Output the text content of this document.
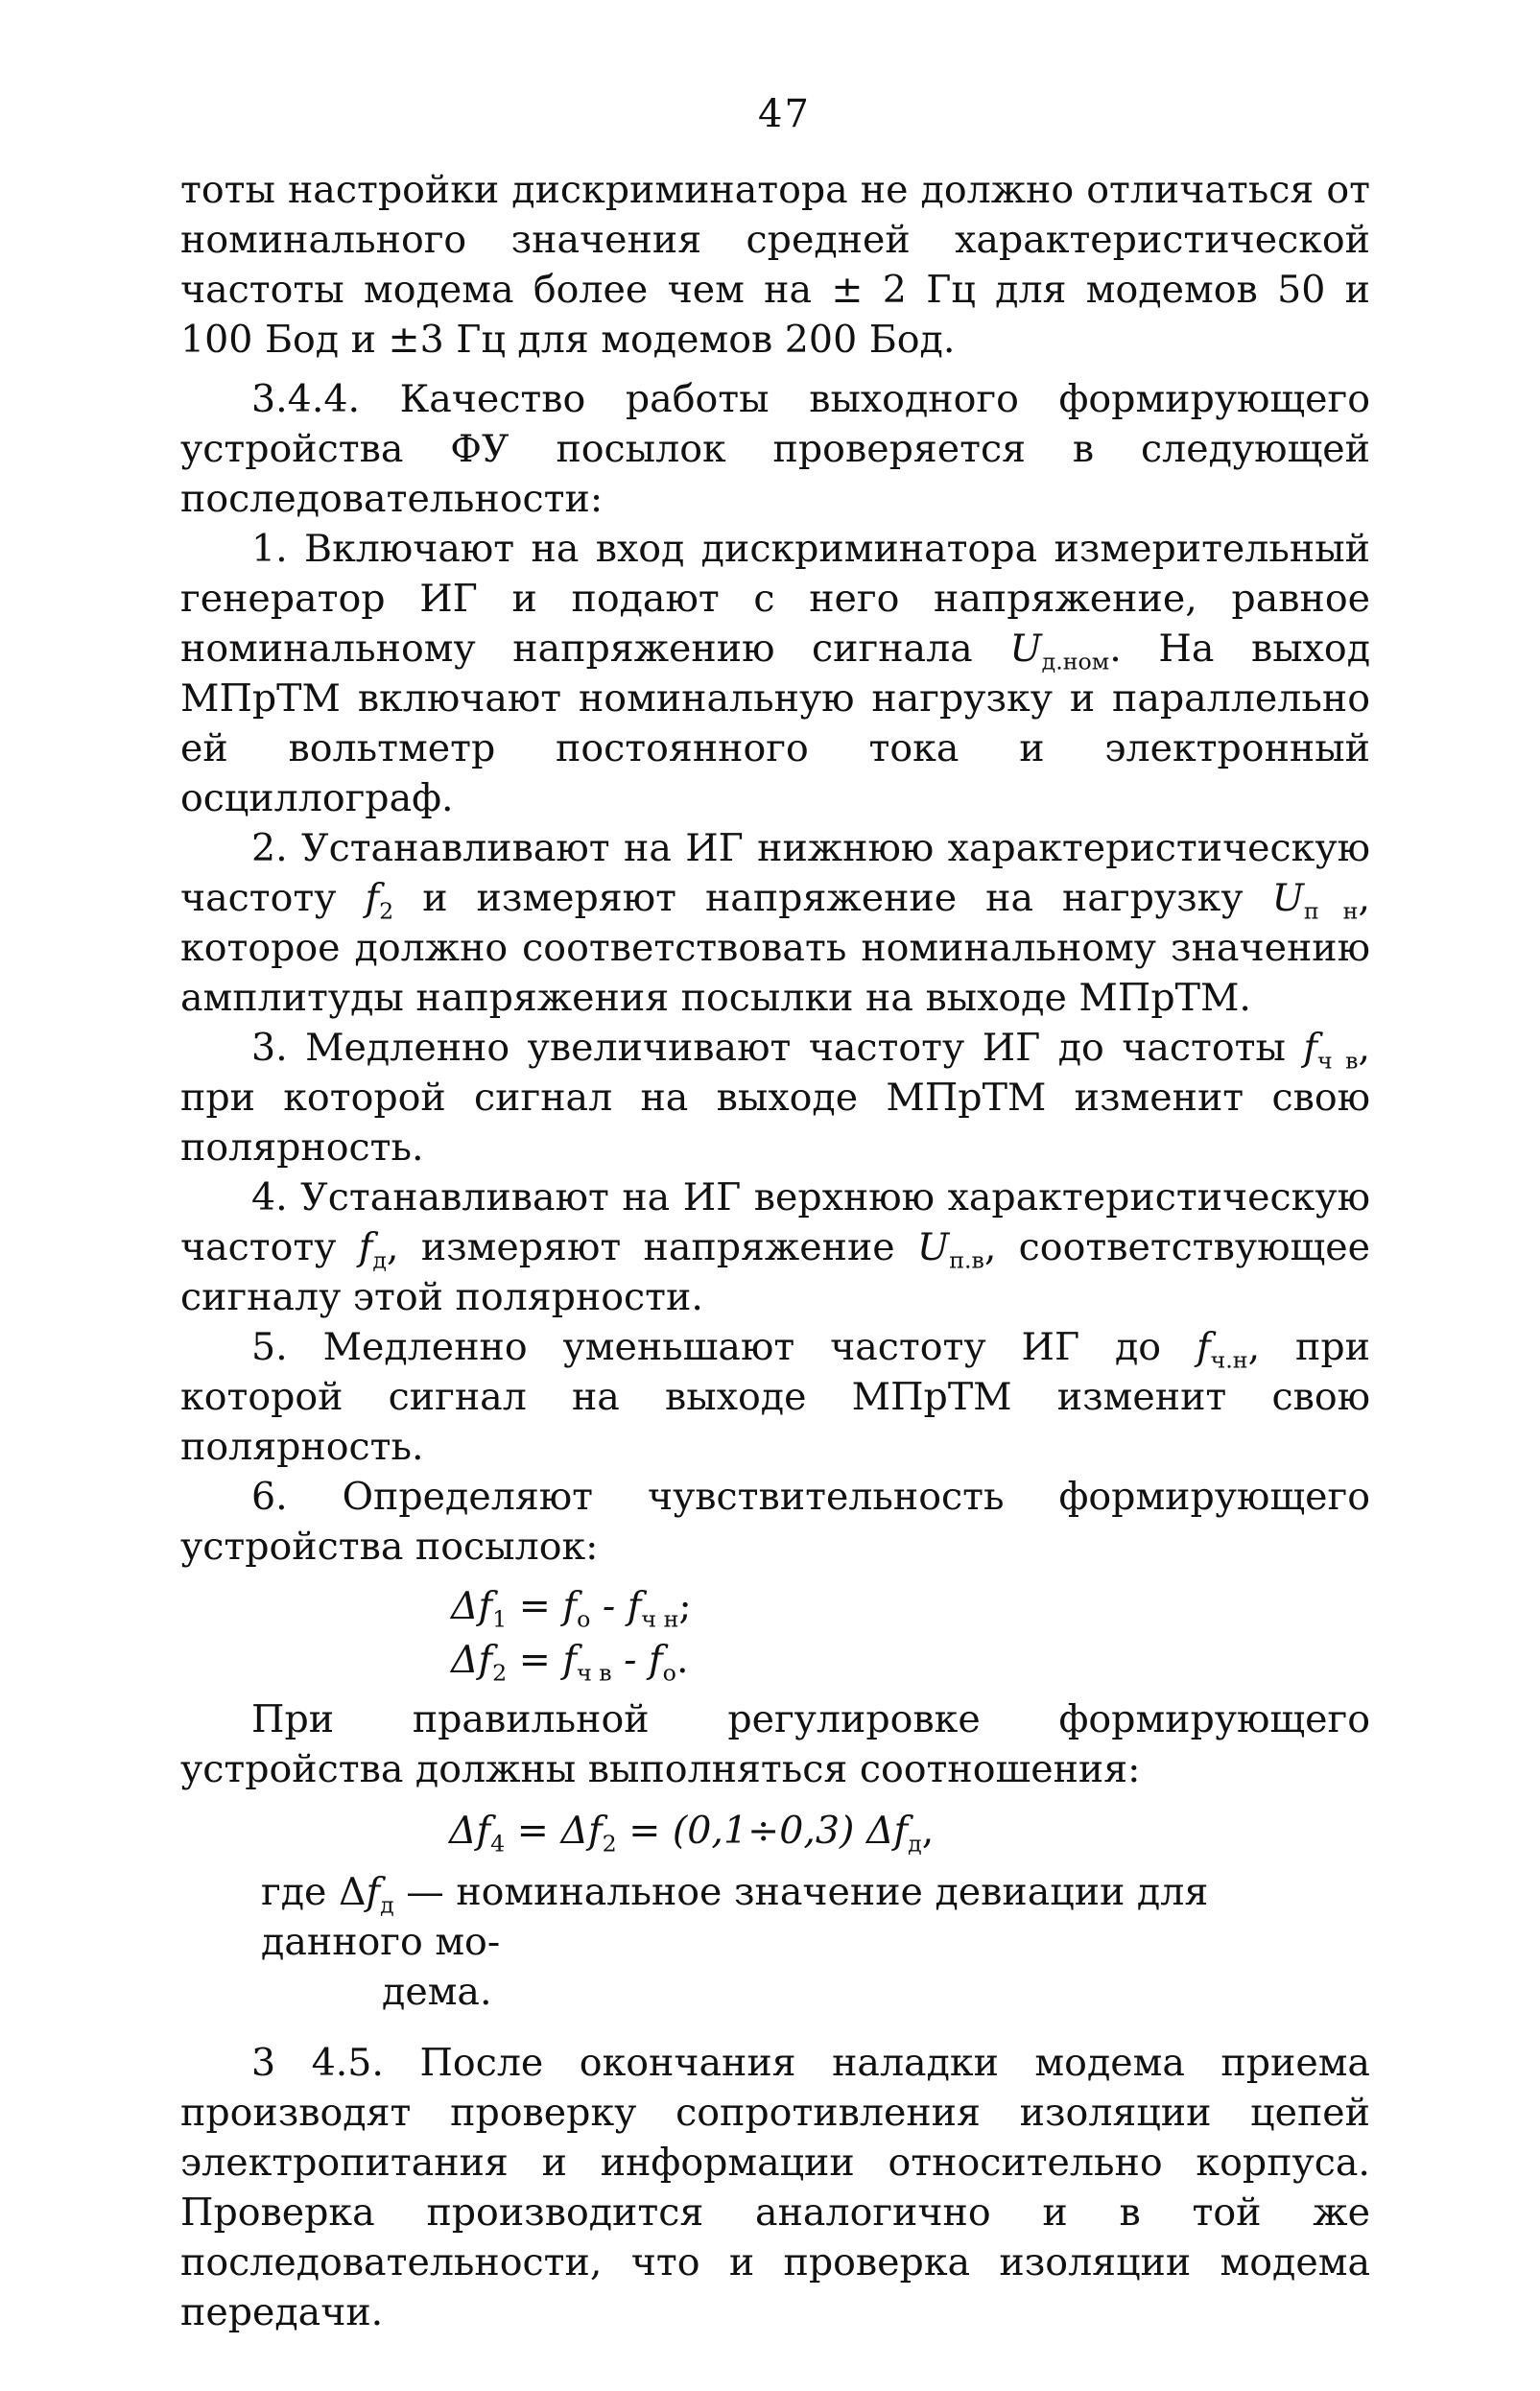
47

тоты настройки дискриминатора не должно отличаться от номинального значения средней характеристической частоты модема более чем на ± 2 Гц для модемов 50 и 100 Бод и ±3 Гц для модемов 200 Бод.

3.4.4. Качество работы выходного формирующего устройства ФУ посылок проверяется в следующей последовательности:

1. Включают на вход дискриминатора измерительный генератор ИГ и подают с него напряжение, равное номинальному напряжению сигнала $U_{д.ном}$. На выход МПрТМ включают номинальную нагрузку и параллельно ей вольтметр постоянного тока и электронный осциллограф.

2. Устанавливают на ИГ нижнюю характеристическую частоту $f_2$ и измеряют напряжение на нагрузку $U_{п н}$, которое должно соответствовать номинальному значению амплитуды напряжения посылки на выходе МПрТМ.

3. Медленно увеличивают частоту ИГ до частоты $f_{ч в}$, при которой сигнал на выходе МПрТМ изменит свою полярность.

4. Устанавливают на ИГ верхнюю характеристическую частоту $f_д$, измеряют напряжение $U_{п.в}$, соответствующее сигналу этой полярности.

5. Медленно уменьшают частоту ИГ до $f_{ч.н}$, при которой сигнал на выходе МПрТМ изменит свою полярность.

6. Определяют чувствительность формирующего устройства посылок:

$\Delta f_1 = f_о - f_{ч н}$;
$\Delta f_2 = f_{ч в} - f_о$.

При правильной регулировке формирующего устройства должны выполняться соотношения:

$\Delta f_4 = \Delta f_2 = (0,1\div 0,3)$ $\Delta f_д$,
где $\Delta f_д$ — номинальное значение девиации для данного мо-
дема.

3 4.5. После окончания наладки модема приема производят проверку сопротивления изоляции цепей электропитания и информации относительно корпуса. Проверка производится аналогично и в той же последовательности, что и проверка изоляции модема передачи.
